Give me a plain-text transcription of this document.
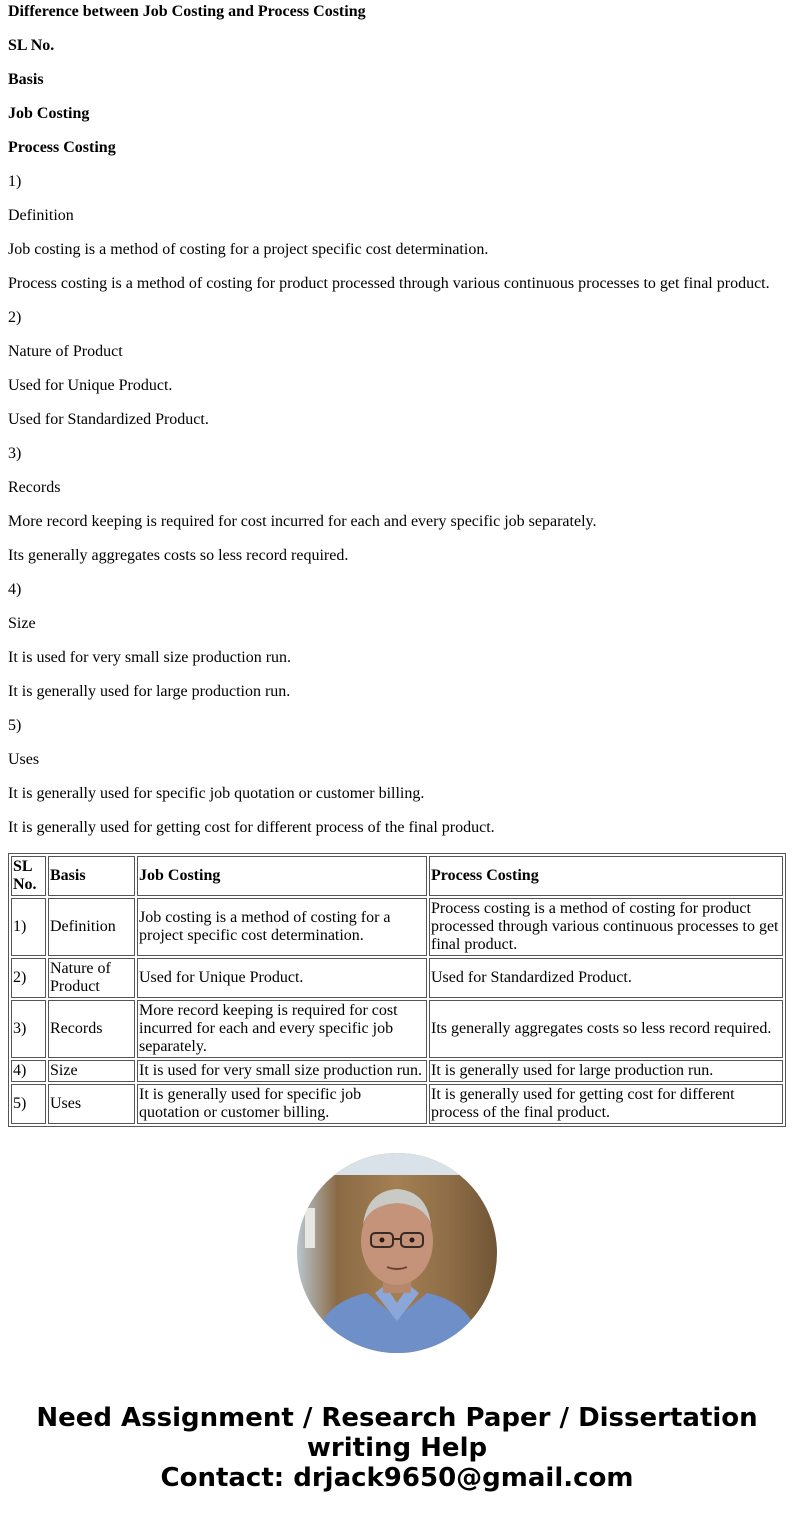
Difference between Job Costing and Process Costing

SL No.

Basis

Job Costing

Process Costing

1)

Definition

Job costing is a method of costing for a project specific cost determination.

Process costing is a method of costing for product processed through various continuous processes to get final product.

2)

Nature of Product

Used for Unique Product.

Used for Standardized Product.

3)

Records

More record keeping is required for cost incurred for each and every specific job separately.

Its generally aggregates costs so less record required.

4)

Size

It is used for very small size production run.

It is generally used for large production run.

5)

Uses

It is generally used for specific job quotation or customer billing.

It is generally used for getting cost for different process of the final product.

SL No.	Basis	Job Costing	Process Costing
1)	Definition	Job costing is a method of costing for a project specific cost determination.	Process costing is a method of costing for product processed through various continuous processes to get final product.
2)	Nature of Product	Used for Unique Product.	Used for Standardized Product.
3)	Records	More record keeping is required for cost incurred for each and every specific job separately.	Its generally aggregates costs so less record required.
4)	Size	It is used for very small size production run.	It is generally used for large production run.
5)	Uses	It is generally used for specific job quotation or customer billing.	It is generally used for getting cost for different process of the final product.
Need Assignment / Research Paper / Dissertation
writing Help
Contact: drjack9650@gmail.com
